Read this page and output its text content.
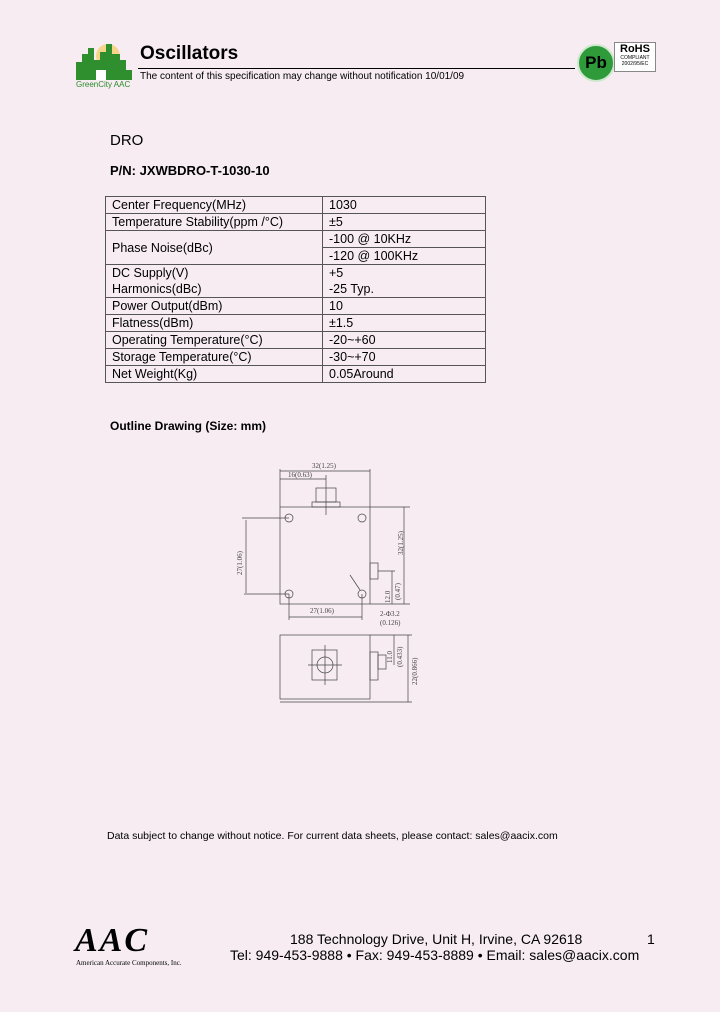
GreenCity AAC
Oscillators
The content of this specification may change without notification 10/01/09
Pb
RoHS
COMPLIANT 2002/95/EC
DRO
P/N: JXWBDRO-T-1030-10
Center Frequency(MHz)	1030
Temperature Stability(ppm /°C)	±5
Phase Noise(dBc)	-100 @ 10KHz
	-120 @ 100KHz
DC Supply(V)	+5
Harmonics(dBc)	-25 Typ.
Power Output(dBm)	10
Flatness(dBm)	±1.5
Operating Temperature(°C)	-20~+60
Storage Temperature(°C)	-30~+70
Net Weight(Kg)	0.05Around
Outline Drawing (Size: mm)
32(1.25)
16(0.63)
27(1.06)
27(1.06)
32(1.25)
12.0 (0.47)
2-Φ3.2
(0.126)
11.0 (0.433)
22(0.866)
Data subject to change without notice. For current data sheets, please contact: sales@aacix.com
AAC
American Accurate Components, Inc.
188 Technology Drive, Unit H, Irvine, CA 92618
Tel: 949-453-9888 • Fax: 949-453-8889 • Email: sales@aacix.com
1
